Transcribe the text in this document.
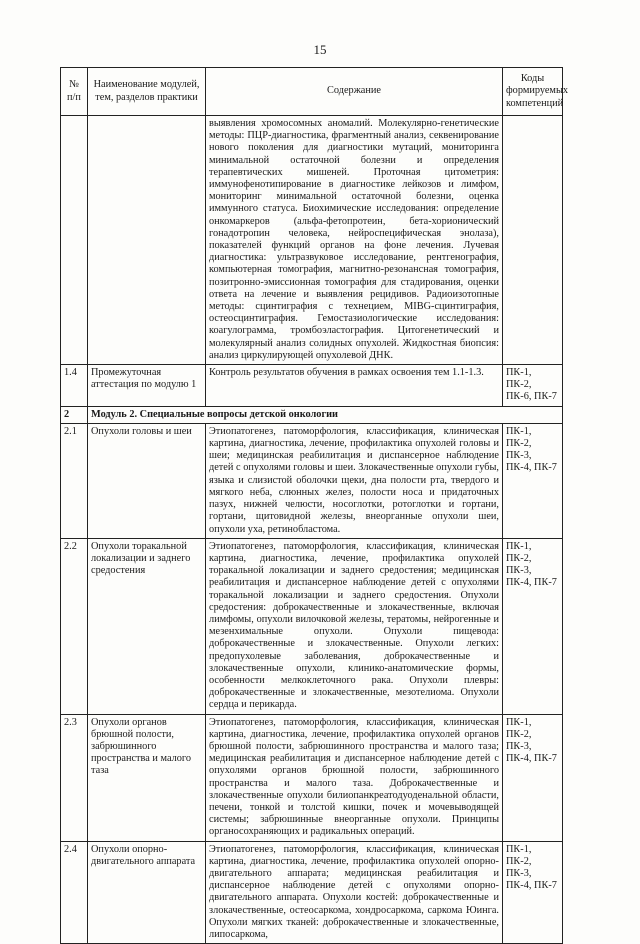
15
№ п/п	Наименование модулей, тем, разделов практики	Содержание	Коды формируемых компетенций
		выявления хромосомных аномалий. Молекулярно-генетические методы: ПЦР-диагностика, фрагментный анализ, секвенирование нового поколения для диагностики мутаций, мониторинга минимальной остаточной болезни и определения терапевтических мишеней. Проточная цитометрия: иммунофенотипирование в диагностике лейкозов и лимфом, мониторинг минимальной остаточной болезни, оценка иммунного статуса. Биохимические исследования: определение онкомаркеров (альфа-фетопротеин, бета-хорионический гонадотропин человека, нейроспецифическая энолаза), показателей функций органов на фоне лечения. Лучевая диагностика: ультразвуковое исследование, рентгенография, компьютерная томография, магнитно-резонансная томография, позитронно-эмиссионная томография для стадирования, оценки ответа на лечение и выявления рецидивов. Радиоизотопные методы: сцинтиграфия с технецием, MIBG-сцинтиграфия, остеосцинтиграфия. Гемостазиологические исследования: коагулограмма, тромбоэластография. Цитогенетический и молекулярный анализ солидных опухолей. Жидкостная биопсия: анализ циркулирующей опухолевой ДНК.	
1.4	Промежуточная аттестация по модулю 1	Контроль результатов обучения в рамках освоения тем 1.1-1.3.	ПК-1, ПК-2, ПК-6, ПК-7
2	Модуль 2. Специальные вопросы детской онкологии		
2.1	Опухоли головы и шеи	Этиопатогенез, патоморфология, классификация, клиническая картина, диагностика, лечение, профилактика опухолей головы и шеи; медицинская реабилитация и диспансерное наблюдение детей с опухолями головы и шеи. Злокачественные опухоли губы, языка и слизистой оболочки щеки, дна полости рта, твердого и мягкого неба, слюнных желез, полости носа и придаточных пазух, нижней челюсти, носоглотки, ротоглотки и гортани, гортани, щитовидной железы, внеорганные опухоли шеи, опухоли уха, ретинобластома.	ПК-1, ПК-2, ПК-3, ПК-4, ПК-7
2.2	Опухоли торакальной локализации и заднего средостения	Этиопатогенез, патоморфология, классификация, клиническая картина, диагностика, лечение, профилактика опухолей торакальной локализации и заднего средостения; медицинская реабилитация и диспансерное наблюдение детей с опухолями торакальной локализации и заднего средостения. Опухоли средостения: доброкачественные и злокачественные, включая лимфомы, опухоли вилочковой железы, тератомы, нейрогенные и мезенхимальные опухоли. Опухоли пищевода: доброкачественные и злокачественные. Опухоли легких: предопухолевые заболевания, доброкачественные и злокачественные опухоли, клинико-анатомические формы, особенности мелкоклеточного рака. Опухоли плевры: доброкачественные и злокачественные, мезотелиома. Опухоли сердца и перикарда.	ПК-1, ПК-2, ПК-3, ПК-4, ПК-7
2.3	Опухоли органов брюшной полости, забрюшинного пространства и малого таза	Этиопатогенез, патоморфология, классификация, клиническая картина, диагностика, лечение, профилактика опухолей органов брюшной полости, забрюшинного пространства и малого таза; медицинская реабилитация и диспансерное наблюдение детей с опухолями органов брюшной полости, забрюшинного пространства и малого таза. Доброкачественные и злокачественные опухоли билиопанкреатодуоденальной области, печени, тонкой и толстой кишки, почек и мочевыводящей системы; забрюшинные внеорганные опухоли. Принципы органосохраняющих и радикальных операций.	ПК-1, ПК-2, ПК-3, ПК-4, ПК-7
2.4	Опухоли опорно-двигательного аппарата	Этиопатогенез, патоморфология, классификация, клиническая картина, диагностика, лечение, профилактика опухолей опорно-двигательного аппарата; медицинская реабилитация и диспансерное наблюдение детей с опухолями опорно-двигательного аппарата. Опухоли костей: доброкачественные и злокачественные, остеосаркома, хондросаркома, саркома Юинга. Опухоли мягких тканей: доброкачественные и злокачественные, липосаркома,	ПК-1, ПК-2, ПК-3, ПК-4, ПК-7
